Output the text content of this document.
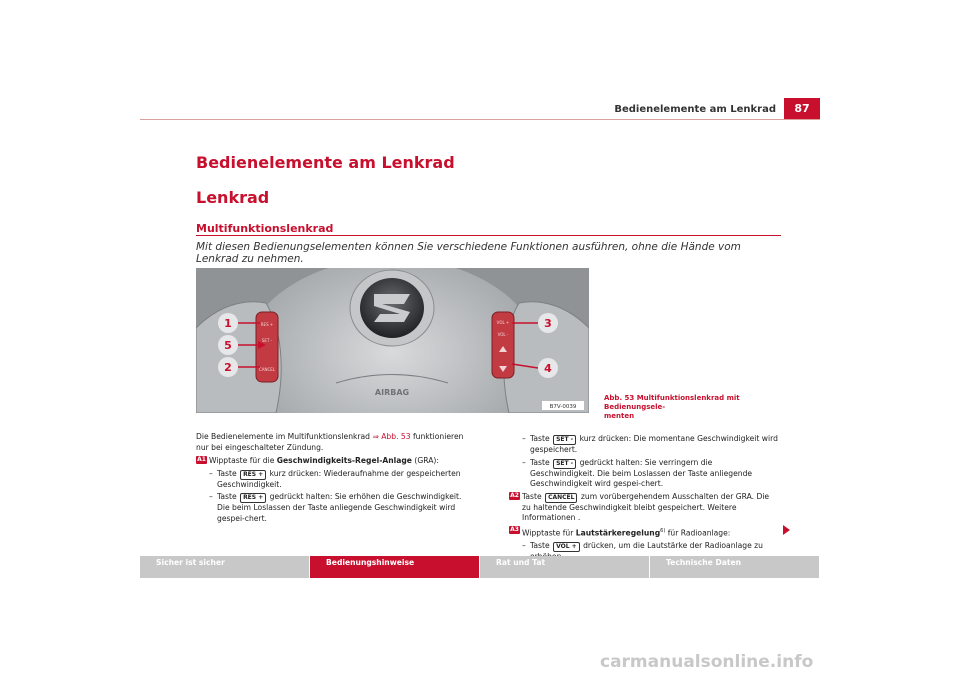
Bedienelemente am Lenkrad	87
Bedienelemente am Lenkrad
Lenkrad
Multifunktionslenkrad
Mit diesen Bedienungselementen können Sie verschiedene Funktionen ausführen, ohne die Hände vom Lenkrad zu nehmen.
AIRBAG
RES +
SET -
CANCEL
VOL +
VOL -
1
5
2
3
4
B7V-0039
Abb. 53 Multifunktionslenkrad mit Bedienungsele-
menten

Die Bedienelemente im Multifunktionslenkrad ⇒ Abb. 53 funktionieren nur bei eingeschalteter Zündung.

A1 Wipptaste für die Geschwindigkeits-Regel-Anlage (GRA):
– Taste RES + kurz drücken: Wiederaufnahme der gespeicherten Geschwindigkeit.
– Taste RES + gedrückt halten: Sie erhöhen die Geschwindigkeit. Die beim Loslassen der Taste anliegende Geschwindigkeit wird gespei-chert.
– Taste SET - kurz drücken: Die momentane Geschwindigkeit wird gespeichert.
– Taste SET - gedrückt halten: Sie verringern die Geschwindigkeit. Die beim Loslassen der Taste anliegende Geschwindigkeit wird gespei-chert.
A2 Taste CANCEL zum vorübergehendem Ausschalten der GRA. Die zu haltende Geschwindigkeit bleibt gespeichert. Weitere Informationen .
A3 Wipptaste für Lautstärkeregelung$^{6)}$ für Radioanlage:
– Taste VOL + drücken, um die Lautstärke der Radioanlage zu
Sicher ist sicher	Bedienungshinweise	Rat und Tat	Technische Daten
carmanualsonline.info
